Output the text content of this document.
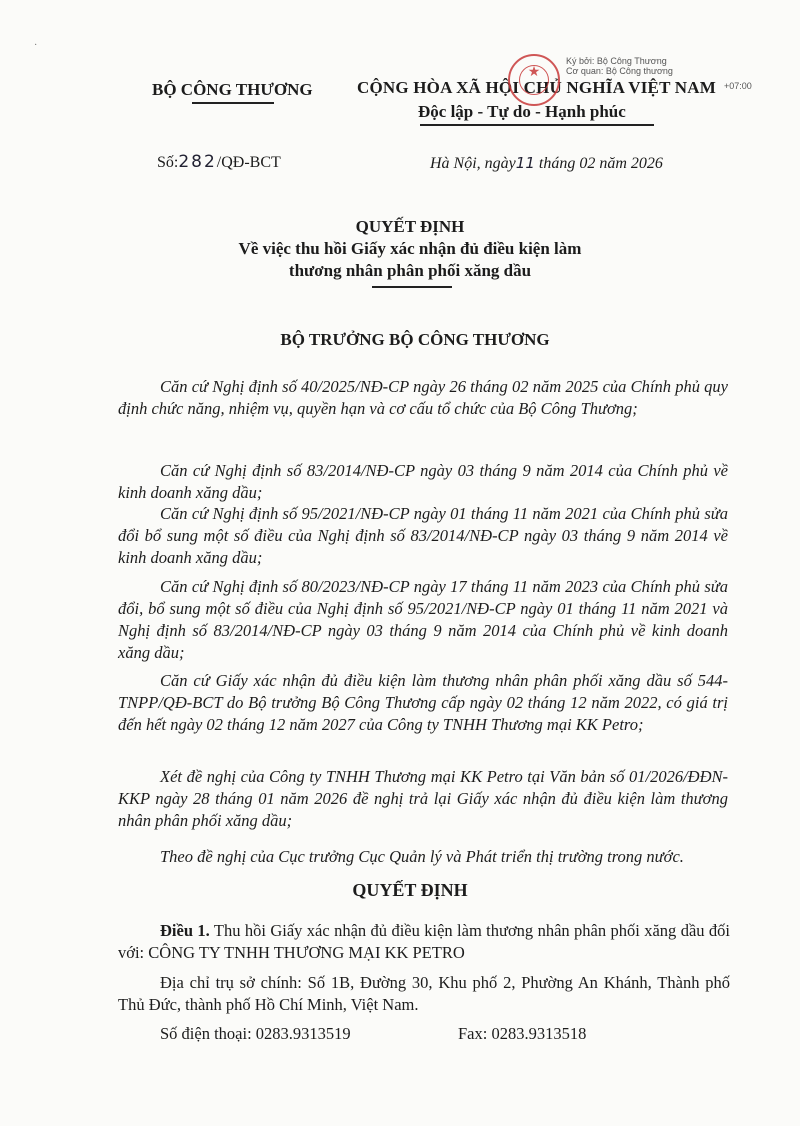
·
BỘ CÔNG THƯƠNG	CỘNG HÒA XÃ HỘI CHỦ NGHĨA VIỆT NAM
Độc lập - Tự do - Hạnh phúc
★
Ký bởi: Bộ Công Thương
Cơ quan: Bộ Công thương
+07:00
Số:282/QĐ-BCT	Hà Nội, ngày11 tháng 02 năm 2026
QUYẾT ĐỊNH
Về việc thu hồi Giấy xác nhận đủ điều kiện làm
thương nhân phân phối xăng dầu
BỘ TRƯỞNG BỘ CÔNG THƯƠNG
Căn cứ Nghị định số 40/2025/NĐ-CP ngày 26 tháng 02 năm 2025 của Chính phủ quy định chức năng, nhiệm vụ, quyền hạn và cơ cấu tổ chức của Bộ Công Thương;
Căn cứ Nghị định số 83/2014/NĐ-CP ngày 03 tháng 9 năm 2014 của Chính phủ về kinh doanh xăng dầu;
Căn cứ Nghị định số 95/2021/NĐ-CP ngày 01 tháng 11 năm 2021 của Chính phủ sửa đổi bổ sung một số điều của Nghị định số 83/2014/NĐ-CP ngày 03 tháng 9 năm 2014 về kinh doanh xăng dầu;
Căn cứ Nghị định số 80/2023/NĐ-CP ngày 17 tháng 11 năm 2023 của Chính phủ sửa đổi, bổ sung một số điều của Nghị định số 95/2021/NĐ-CP ngày 01 tháng 11 năm 2021 và Nghị định số 83/2014/NĐ-CP ngày 03 tháng 9 năm 2014 của Chính phủ về kinh doanh xăng dầu;
Căn cứ Giấy xác nhận đủ điều kiện làm thương nhân phân phối xăng dầu số 544-TNPP/QĐ-BCT do Bộ trưởng Bộ Công Thương cấp ngày 02 tháng 12 năm 2022, có giá trị đến hết ngày 02 tháng 12 năm 2027 của Công ty TNHH Thương mại KK Petro;
Xét đề nghị của Công ty TNHH Thương mại KK Petro tại Văn bản số 01/2026/ĐĐN-KKP ngày 28 tháng 01 năm 2026 đề nghị trả lại Giấy xác nhận đủ điều kiện làm thương nhân phân phối xăng dầu;
Theo đề nghị của Cục trưởng Cục Quản lý và Phát triển thị trường trong nước.
QUYẾT ĐỊNH
Điều 1. Thu hồi Giấy xác nhận đủ điều kiện làm thương nhân phân phối xăng dầu đối với: CÔNG TY TNHH THƯƠNG MẠI KK PETRO
Địa chỉ trụ sở chính: Số 1B, Đường 30, Khu phố 2, Phường An Khánh, Thành phố Thủ Đức, thành phố Hồ Chí Minh, Việt Nam.
Số điện thoại: 0283.9313519	Fax: 0283.9313518
